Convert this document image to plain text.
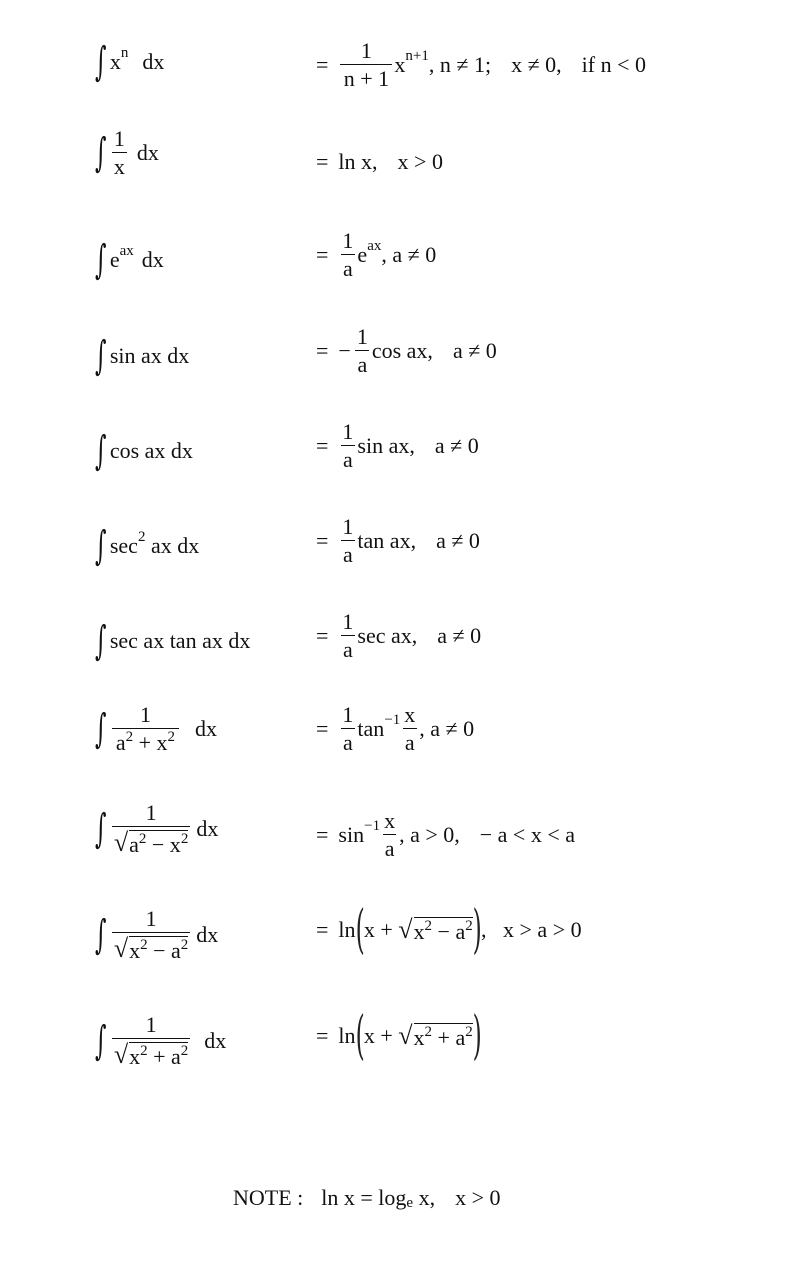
∫ $x^n$ dx	= $\frac{1}{n + 1} x^{n+1}$ , n ≠ 1; x ≠ 0, if n < 0
∫ $\frac{1}{x}$ dx	= ln x, x > 0
∫ $e^{ax}$ dx	= $\frac{1}{a} e^{ax}$ , a ≠ 0
∫ sin ax dx	= − $\frac{1}{a}$ cos ax, a ≠ 0
∫ cos ax dx	= $\frac{1}{a}$ sin ax, a ≠ 0
∫ $\sec^2$ ax dx	= $\frac{1}{a}$ tan ax, a ≠ 0
∫ sec ax tan ax dx	= $\frac{1}{a}$ sec ax, a ≠ 0
∫ $\frac{1}{a^2 + x^2}$ dx	= $\frac{1}{a} \tan^{-1} \frac{x}{a}$ , a ≠ 0
∫ $\frac{1}{√ a^2 - x^2}$ dx	= $\sin^{-1} \frac{x}{a}$ , a > 0, − a < x < a
∫ $\frac{1}{√ x^2 - a^2}$ dx	= ln ( x + √ $x^2 - a^2$ ) ,   x > a > 0
∫ $\frac{1}{√ x^2 + a^2}$ dx	= ln ( x + √ $x^2 + a^2$ )
NOTE : $\ln x = \log_e x$, x > 0
